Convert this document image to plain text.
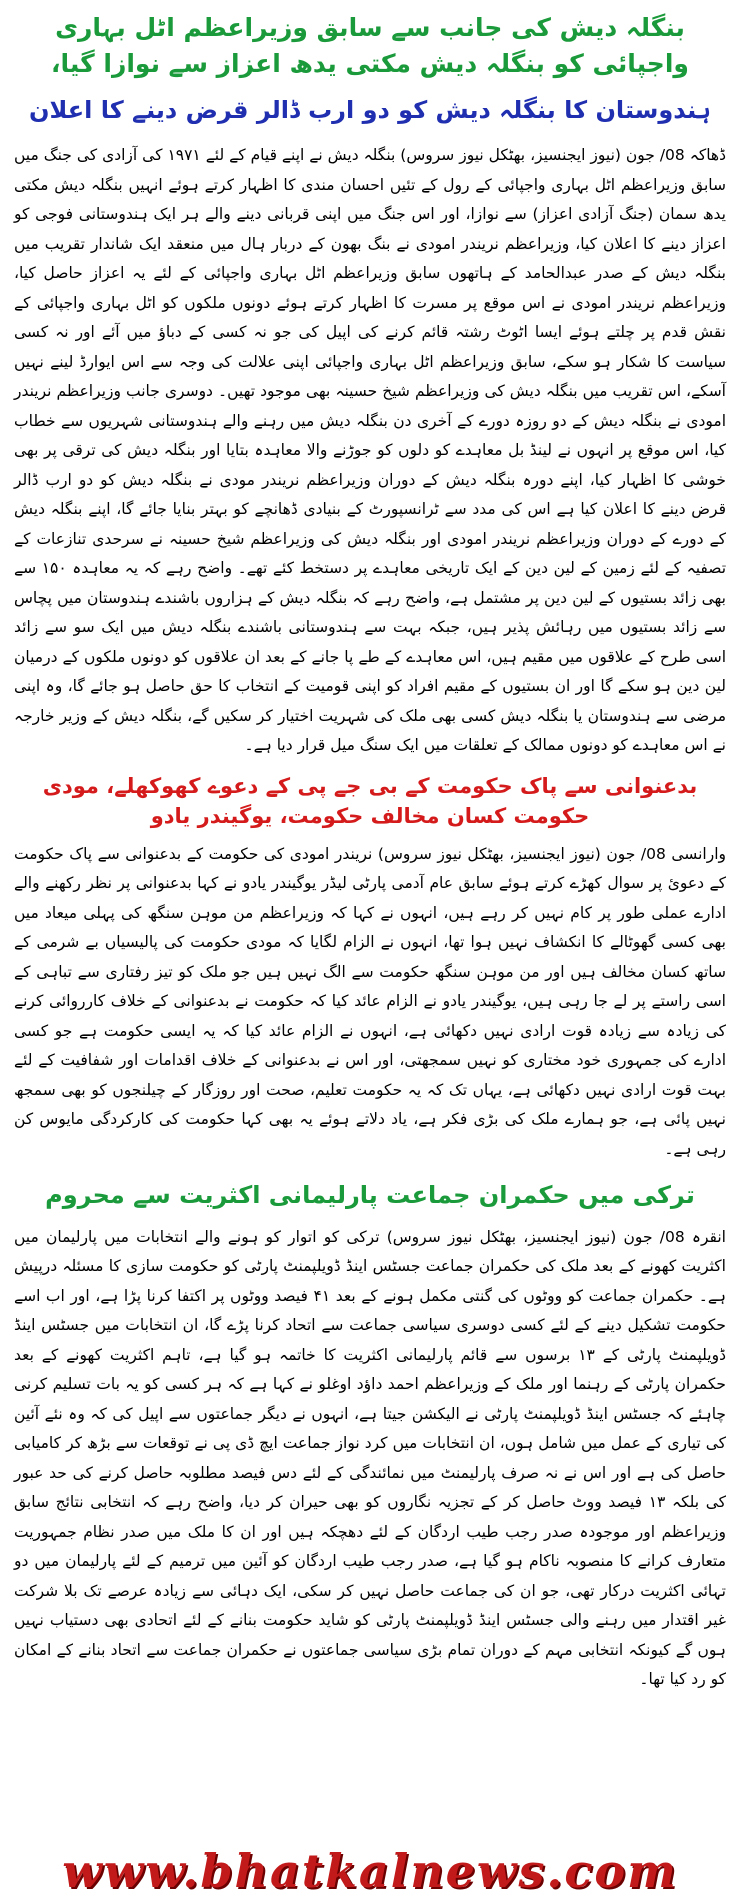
بنگلہ دیش کی جانب سے سابق وزیراعظم اٹل بہاری واجپائی کو بنگلہ دیش مکتی یدھ اعزاز سے نوازا گیا،

ہندوستان کا بنگلہ دیش کو دو ارب ڈالر قرض دینے کا اعلان

ڈھاکہ 08/ جون (نیوز ایجنسیز، بھٹکل نیوز سروس) بنگلہ دیش نے اپنے قیام کے لئے ۱۹۷۱ کی آزادی کی جنگ میں سابق وزیراعظم اٹل بہاری واجپائی کے رول کے تئیں احسان مندی کا اظہار کرتے ہوئے انہیں بنگلہ دیش مکتی یدھ سمان (جنگ آزادی اعزاز) سے نوازا، اور اس جنگ میں اپنی قربانی دینے والے ہر ایک ہندوستانی فوجی کو اعزاز دینے کا اعلان کیا، وزیراعظم نریندر امودی نے بنگ بھون کے دربار ہال میں منعقد ایک شاندار تقریب میں بنگلہ دیش کے صدر عبدالحامد کے ہاتھوں سابق وزیراعظم اٹل بہاری واجپائی کے لئے یہ اعزاز حاصل کیا، وزیراعظم نریندر امودی نے اس موقع پر مسرت کا اظہار کرتے ہوئے دونوں ملکوں کو اٹل بہاری واجپائی کے نقش قدم پر چلتے ہوئے ایسا اٹوٹ رشتہ قائم کرنے کی اپیل کی جو نہ کسی کے دباؤ میں آئے اور نہ کسی سیاست کا شکار ہو سکے، سابق وزیراعظم اٹل بہاری واجپائی اپنی علالت کی وجہ سے اس ایوارڈ لینے نہیں آسکے، اس تقریب میں بنگلہ دیش کی وزیراعظم شیخ حسینہ بھی موجود تھیں۔ دوسری جانب وزیراعظم نریندر امودی نے بنگلہ دیش کے دو روزہ دورے کے آخری دن بنگلہ دیش میں رہنے والے ہندوستانی شہریوں سے خطاب کیا، اس موقع پر انہوں نے لینڈ بل معاہدے کو دلوں کو جوڑنے والا معاہدہ بتایا اور بنگلہ دیش کی ترقی پر بھی خوشی کا اظہار کیا، اپنے دورہ بنگلہ دیش کے دوران وزیراعظم نریندر مودی نے بنگلہ دیش کو دو ارب ڈالر قرض دینے کا اعلان کیا ہے اس کی مدد سے ٹرانسپورٹ کے بنیادی ڈھانچے کو بہتر بنایا جائے گا، اپنے بنگلہ دیش کے دورے کے دوران وزیراعظم نریندر امودی اور بنگلہ دیش کی وزیراعظم شیخ حسینہ نے سرحدی تنازعات کے تصفیہ کے لئے زمین کے لین دین کے ایک تاریخی معاہدے پر دستخط کئے تھے۔ واضح رہے کہ یہ معاہدہ ۱۵۰ سے بھی زائد بستیوں کے لین دین پر مشتمل ہے، واضح رہے کہ بنگلہ دیش کے ہزاروں باشندے ہندوستان میں پچاس سے زائد بستیوں میں رہائش پذیر ہیں، جبکہ بہت سے ہندوستانی باشندے بنگلہ دیش میں ایک سو سے زائد اسی طرح کے علاقوں میں مقیم ہیں، اس معاہدے کے طے پا جانے کے بعد ان علاقوں کو دونوں ملکوں کے درمیان لین دین ہو سکے گا اور ان بستیوں کے مقیم افراد کو اپنی قومیت کے انتخاب کا حق حاصل ہو جائے گا، وہ اپنی مرضی سے ہندوستان یا بنگلہ دیش کسی بھی ملک کی شہریت اختیار کر سکیں گے، بنگلہ دیش کے وزیر خارجہ نے اس معاہدے کو دونوں ممالک کے تعلقات میں ایک سنگ میل قرار دیا ہے۔

بدعنوانی سے پاک حکومت کے بی جے پی کے دعوے کھوکھلے، مودی حکومت کسان مخالف حکومت، یوگیندر یادو

وارانسی 08/ جون (نیوز ایجنسیز، بھٹکل نیوز سروس) نریندر امودی کی حکومت کے بدعنوانی سے پاک حکومت کے دعوئ پر سوال کھڑے کرتے ہوئے سابق عام آدمی پارٹی لیڈر یوگیندر یادو نے کہا بدعنوانی پر نظر رکھنے والے ادارے عملی طور پر کام نہیں کر رہے ہیں، انہوں نے کہا کہ وزیراعظم من موہن سنگھ کی پہلی میعاد میں بھی کسی گھوٹالے کا انکشاف نہیں ہوا تھا، انہوں نے الزام لگایا کہ مودی حکومت کی پالیسیاں بے شرمی کے ساتھ کسان مخالف ہیں اور من موہن سنگھ حکومت سے الگ نہیں ہیں جو ملک کو تیز رفتاری سے تباہی کے اسی راستے پر لے جا رہی ہیں، یوگیندر یادو نے الزام عائد کیا کہ حکومت نے بدعنوانی کے خلاف کارروائی کرنے کی زیادہ سے زیادہ قوت ارادی نہیں دکھائی ہے، انہوں نے الزام عائد کیا کہ یہ ایسی حکومت ہے جو کسی ادارے کی جمہوری خود مختاری کو نہیں سمجھتی، اور اس نے بدعنوانی کے خلاف اقدامات اور شفافیت کے لئے بہت قوت ارادی نہیں دکھائی ہے، یہاں تک کہ یہ حکومت تعلیم، صحت اور روزگار کے چیلنجوں کو بھی سمجھ نہیں پائی ہے، جو ہمارے ملک کی بڑی فکر ہے، یاد دلاتے ہوئے یہ بھی کہا حکومت کی کارکردگی مایوس کن رہی ہے۔

ترکی میں حکمران جماعت پارلیمانی اکثریت سے محروم

انقرہ 08/ جون (نیوز ایجنسیز، بھٹکل نیوز سروس) ترکی کو اتوار کو ہونے والے انتخابات میں پارلیمان میں اکثریت کھونے کے بعد ملک کی حکمران جماعت جسٹس اینڈ ڈویلپمنٹ پارٹی کو حکومت سازی کا مسئلہ درپیش ہے۔ حکمران جماعت کو ووٹوں کی گنتی مکمل ہونے کے بعد ۴۱ فیصد ووٹوں پر اکتفا کرنا پڑا ہے، اور اب اسے حکومت تشکیل دینے کے لئے کسی دوسری سیاسی جماعت سے اتحاد کرنا پڑے گا، ان انتخابات میں جسٹس اینڈ ڈویلپمنٹ پارٹی کے ۱۳ برسوں سے قائم پارلیمانی اکثریت کا خاتمہ ہو گیا ہے، تاہم اکثریت کھونے کے بعد حکمران پارٹی کے رہنما اور ملک کے وزیراعظم احمد داؤد اوغلو نے کہا ہے کہ ہر کسی کو یہ بات تسلیم کرنی چاہئے کہ جسٹس اینڈ ڈویلپمنٹ پارٹی نے الیکشن جیتا ہے، انہوں نے دیگر جماعتوں سے اپیل کی کہ وہ نئے آئین کی تیاری کے عمل میں شامل ہوں، ان انتخابات میں کرد نواز جماعت ایچ ڈی پی نے توقعات سے بڑھ کر کامیابی حاصل کی ہے اور اس نے نہ صرف پارلیمنٹ میں نمائندگی کے لئے دس فیصد مطلوبہ حاصل کرنے کی حد عبور کی بلکہ ۱۳ فیصد ووٹ حاصل کر کے تجزیہ نگاروں کو بھی حیران کر دیا، واضح رہے کہ انتخابی نتائج سابق وزیراعظم اور موجودہ صدر رجب طیب اردگان کے لئے دھچکہ ہیں اور ان کا ملک میں صدر نظام جمہوریت متعارف کرانے کا منصوبہ ناکام ہو گیا ہے، صدر رجب طیب اردگان کو آئین میں ترمیم کے لئے پارلیمان میں دو تہائی اکثریت درکار تھی، جو ان کی جماعت حاصل نہیں کر سکی، ایک دہائی سے زیادہ عرصے تک بلا شرکت غیر اقتدار میں رہنے والی جسٹس اینڈ ڈویلپمنٹ پارٹی کو شاید حکومت بنانے کے لئے اتحادی بھی دستیاب نہیں ہوں گے کیونکہ انتخابی مہم کے دوران تمام بڑی سیاسی جماعتوں نے حکمران جماعت سے اتحاد بنانے کے امکان کو رد کیا تھا۔

www.bhatkalnews.com
